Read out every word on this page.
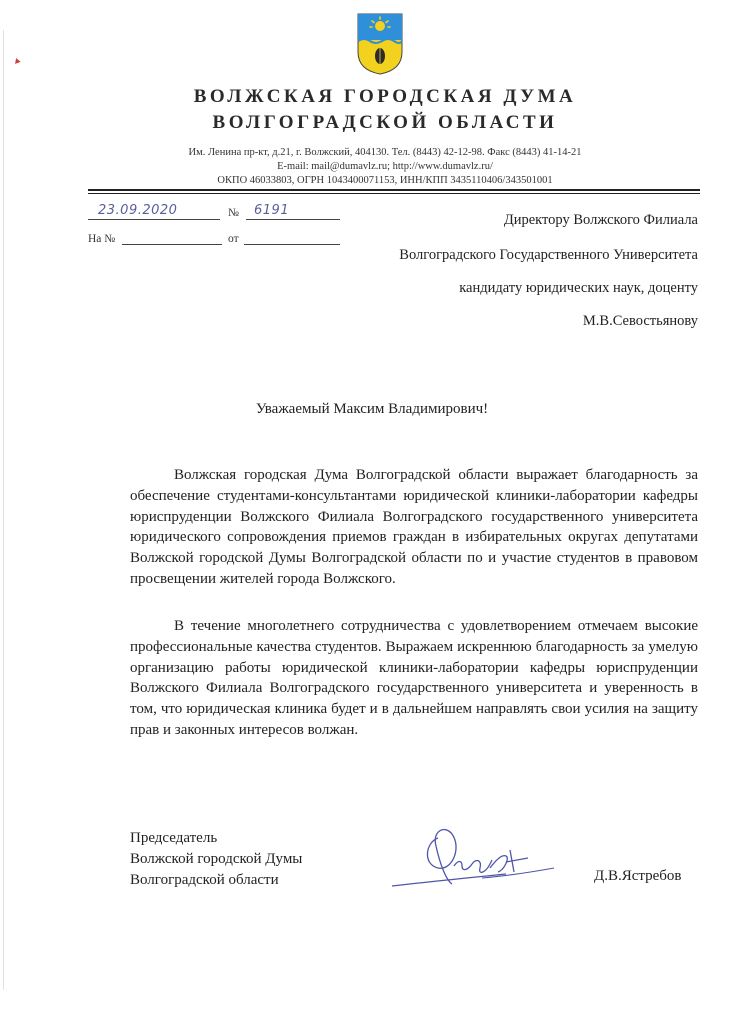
ВОЛЖСКАЯ ГОРОДСКАЯ ДУМА
ВОЛГОГРАДСКОЙ ОБЛАСТИ
Им. Ленина пр-кт, д.21, г. Волжский, 404130. Тел. (8443) 42-12-98. Факс (8443) 41-14-21
E-mail: mail@dumavlz.ru; http://www.dumavlz.ru/
ОКПО 46033803, ОГРН 1043400071153, ИНН/КПП 3435110406/343501001
23.09.2020	№ 6191
На №	от
Директору Волжского Филиала
Волгоградского Государственного Университета
кандидату юридических наук, доценту
М.В.Севостьянову
Уважаемый Максим Владимирович!

Волжская городская Дума Волгоградской области выражает благодарность за обеспечение студентами-консультантами юридической клиники-лаборатории кафедры юриспруденции Волжского Филиала Волгоградского государственного университета юридического сопровождения приемов граждан в избирательных округах депутатами Волжской городской Думы Волгоградской области по и участие студентов в правовом просвещении жителей города Волжского.

В течение многолетнего сотрудничества с удовлетворением отмечаем высокие профессиональные качества студентов. Выражаем искреннюю благодарность за умелую организацию работы юридической клиники-лаборатории кафедры юриспруденции Волжского Филиала Волгоградского государственного университета и уверенность в том, что юридическая клиника будет и в дальнейшем направлять свои усилия на защиту прав и законных интересов волжан.

Председатель
Волжской городской Думы
Волгоградской области	Д.В.Ястребов
